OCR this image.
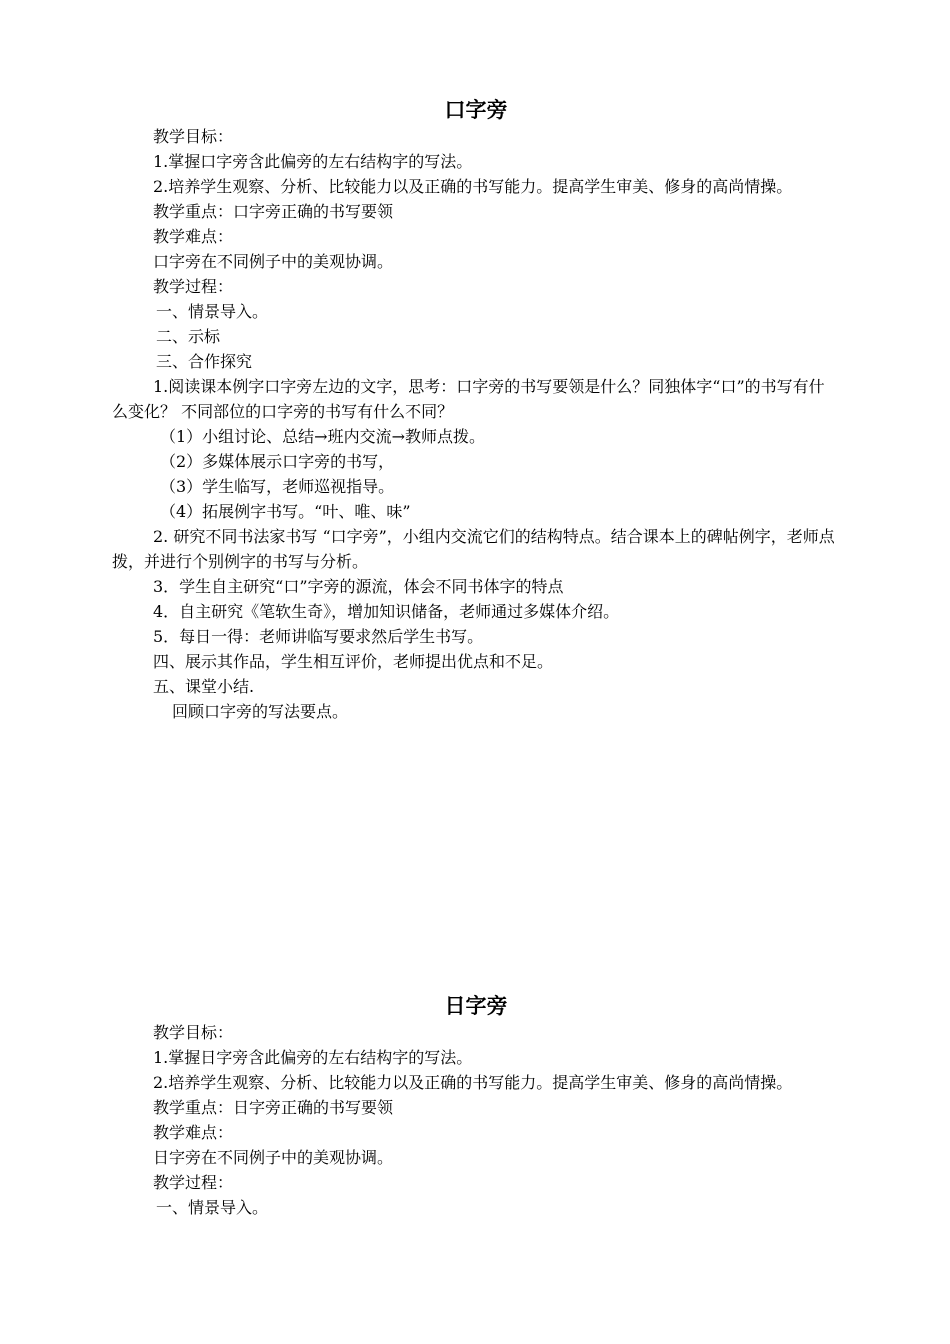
口字旁

教学目标：

1.掌握口字旁含此偏旁的左右结构字的写法。

2.培养学生观察、分析、比较能力以及正确的书写能力。提高学生审美、修身的高尚情操。

教学重点：口字旁正确的书写要领

教学难点：

口字旁在不同例子中的美观协调。

教学过程：

一、情景导入。

二、示标

三、合作探究

1.阅读课本例字口字旁左边的文字，思考：口字旁的书写要领是什么？同独体字“口”的书写有什么变化？ 不同部位的口字旁的书写有什么不同？

（1）小组讨论、总结→班内交流→教师点拨。

（2）多媒体展示口字旁的书写，

（3）学生临写，老师巡视指导。

（4）拓展例字书写。“叶、唯、味”

2. 研究不同书法家书写 “口字旁”，小组内交流它们的结构特点。结合课本上的碑帖例字，老师点拨，并进行个别例字的书写与分析。

3．学生自主研究“口”字旁的源流，体会不同书体字的特点

4．自主研究《笔软生奇》，增加知识储备，老师通过多媒体介绍。

5．每日一得：老师讲临写要求然后学生书写。

四、展示其作品，学生相互评价，老师提出优点和不足。

五、课堂小结.

回顾口字旁的写法要点。

日字旁

教学目标：

1.掌握日字旁含此偏旁的左右结构字的写法。

2.培养学生观察、分析、比较能力以及正确的书写能力。提高学生审美、修身的高尚情操。

教学重点：日字旁正确的书写要领

教学难点：

日字旁在不同例子中的美观协调。

教学过程：

一、情景导入。
